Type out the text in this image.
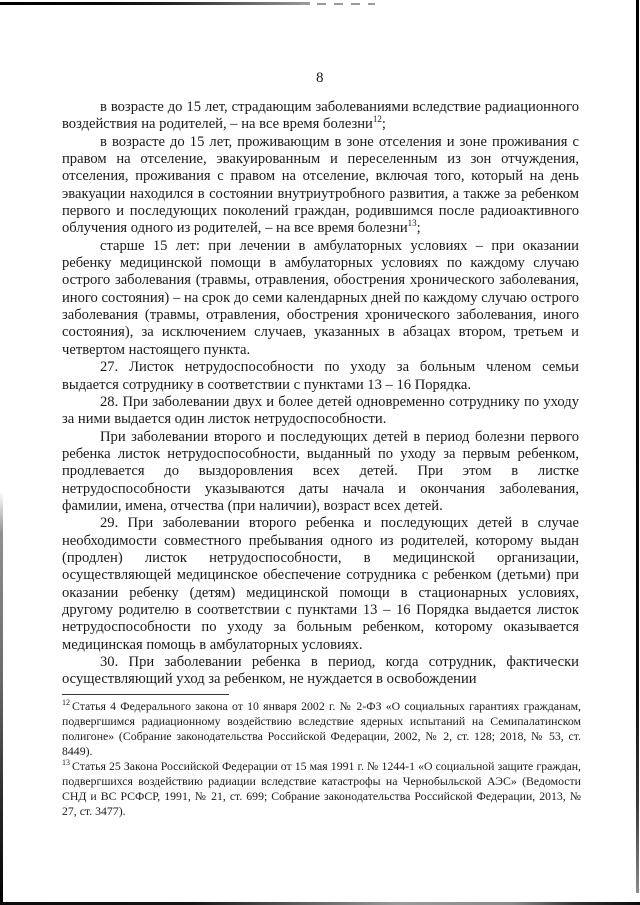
8

в возрасте до 15 лет, страдающим заболеваниями вследствие радиационного воздействия на родителей, – на все время болезни$^{12}$;

в возрасте до 15 лет, проживающим в зоне отселения и зоне проживания с правом на отселение, эвакуированным и переселенным из зон отчуждения, отселения, проживания с правом на отселение, включая того, который на день эвакуации находился в состоянии внутриутробного развития, а также за ребенком первого и последующих поколений граждан, родившимся после радиоактивного облучения одного из родителей, – на все время болезни$^{13}$;

старше 15 лет: при лечении в амбулаторных условиях – при оказании ребенку медицинской помощи в амбулаторных условиях по каждому случаю острого заболевания (травмы, отравления, обострения хронического заболевания, иного состояния) – на срок до семи календарных дней по каждому случаю острого заболевания (травмы, отравления, обострения хронического заболевания, иного состояния), за исключением случаев, указанных в абзацах втором, третьем и четвертом настоящего пункта.

27. Листок нетрудоспособности по уходу за больным членом семьи выдается сотруднику в соответствии с пунктами 13 – 16 Порядка.

28. При заболевании двух и более детей одновременно сотруднику по уходу за ними выдается один листок нетрудоспособности.

При заболевании второго и последующих детей в период болезни первого ребенка листок нетрудоспособности, выданный по уходу за первым ребенком, продлевается до выздоровления всех детей. При этом в листке нетрудоспособности указываются даты начала и окончания заболевания, фамилии, имена, отчества (при наличии), возраст всех детей.

29. При заболевании второго ребенка и последующих детей в случае необходимости совместного пребывания одного из родителей, которому выдан (продлен) листок нетрудоспособности, в медицинской организации, осуществляющей медицинское обеспечение сотрудника с ребенком (детьми) при оказании ребенку (детям) медицинской помощи в стационарных условиях, другому родителю в соответствии с пунктами 13 – 16 Порядка выдается листок нетрудоспособности по уходу за больным ребенком, которому оказывается медицинская помощь в амбулаторных условиях.

30. При заболевании ребенка в период, когда сотрудник, фактически осуществляющий уход за ребенком, не нуждается в освобождении

$^{12}$ Статья 4 Федерального закона от 10 января 2002 г. № 2-ФЗ «О социальных гарантиях гражданам, подвергшимся радиационному воздействию вследствие ядерных испытаний на Семипалатинском полигоне» (Собрание законодательства Российской Федерации, 2002, № 2, ст. 128; 2018, № 53, ст. 8449).

$^{13}$ Статья 25 Закона Российской Федерации от 15 мая 1991 г. № 1244-1 «О социальной защите граждан, подвергшихся воздействию радиации вследствие катастрофы на Чернобыльской АЭС» (Ведомости СНД и ВС РСФСР, 1991, № 21, ст. 699; Собрание законодательства Российской Федерации, 2013, № 27, ст. 3477).
